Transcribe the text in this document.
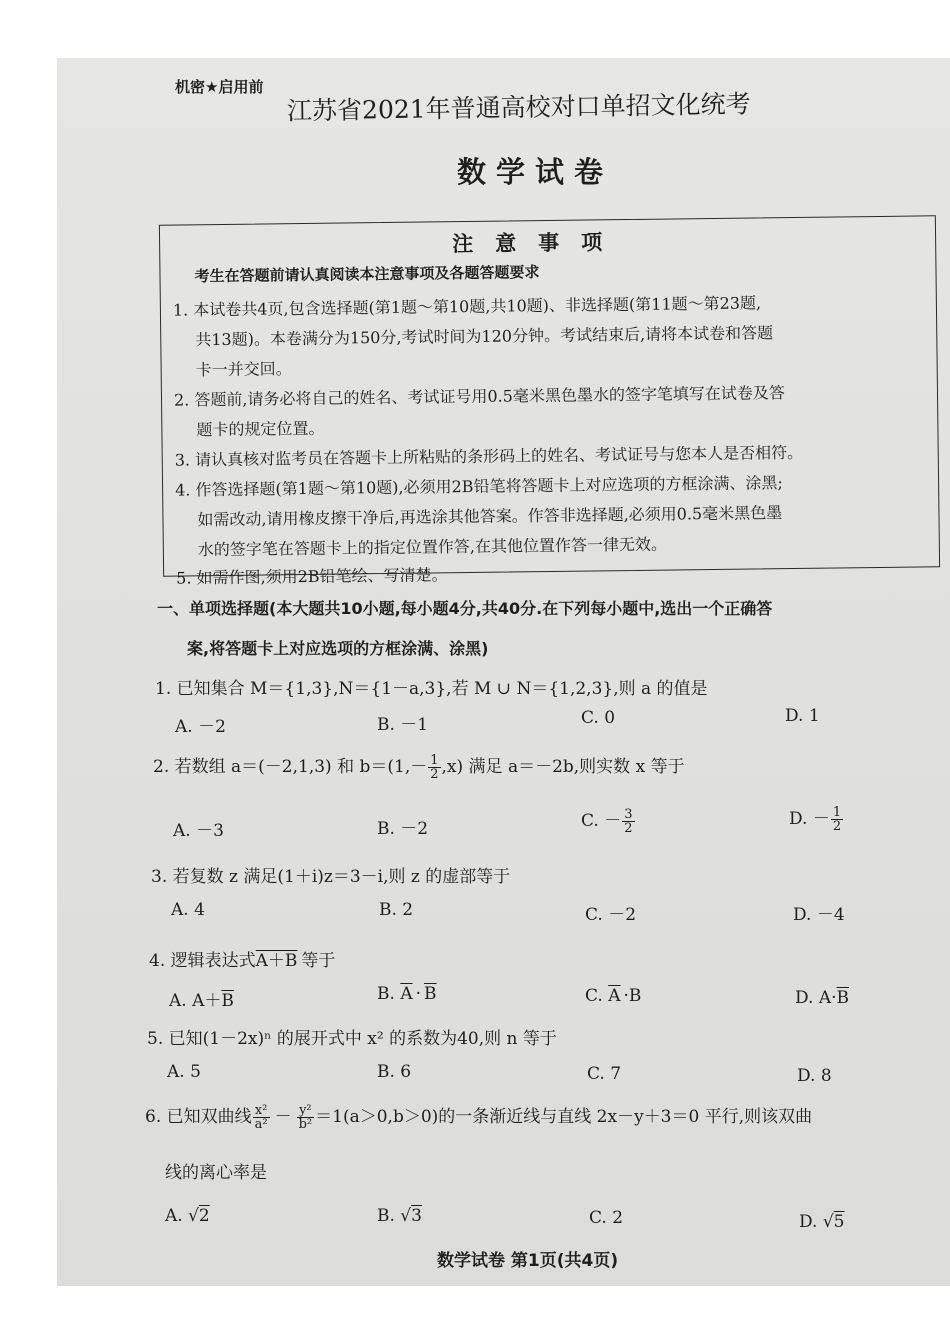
机密★启用前
江苏省2021年普通高校对口单招文化统考
数学试卷
注意事项
考生在答题前请认真阅读本注意事项及各题答题要求
1. 本试卷共4页,包含选择题(第1题～第10题,共10题)、非选择题(第11题～第23题,
共13题)。本卷满分为150分,考试时间为120分钟。考试结束后,请将本试卷和答题
卡一并交回。
2. 答题前,请务必将自己的姓名、考试证号用0.5毫米黑色墨水的签字笔填写在试卷及答
题卡的规定位置。
3. 请认真核对监考员在答题卡上所粘贴的条形码上的姓名、考试证号与您本人是否相符。
4. 作答选择题(第1题～第10题),必须用2B铅笔将答题卡上对应选项的方框涂满、涂黑;
如需改动,请用橡皮擦干净后,再选涂其他答案。作答非选择题,必须用0.5毫米黑色墨
水的签字笔在答题卡上的指定位置作答,在其他位置作答一律无效。
5. 如需作图,须用2B铅笔绘、写清楚。
一、单项选择题(本大题共10小题,每小题4分,共40分.在下列每小题中,选出一个正确答
案,将答题卡上对应选项的方框涂满、涂黑)
1. 已知集合 M＝{1,3},N＝{1－a,3},若 M ∪ N＝{1,2,3},则 a 的值是
A. －2	B. －1	C. 0	D. 1
2. 若数组 a＝(－2,1,3) 和 $b=(1,- \frac{1}{2} ,x)$ 满足 a＝－2b,则实数 x 等于
A. －3	B. －2	C. － $\frac{3}{2}$	D. － $\frac{1}{2}$
3. 若复数 z 满足(1＋i)z＝3－i,则 z 的虚部等于
A. 4	B. 2	C. －2	D. －4
4. 逻辑表达式A＋B 等于
A. $A+\overline{B}$	B. $\overline{A} \cdot \overline{B}$	C. $\overline{A} \cdot B$	D. $A\cdot\overline{B}$
5. 已知(1－2x)ⁿ 的展开式中 x² 的系数为40,则 n 等于
A. 5	B. 6	C. 7	D. 8
6. 已知双曲线 $\frac{\text{x²}}{\text{a²}} - \frac{\text{y²}}{\text{b²}} =1(a>0,b>0)$的一条渐近线与直线 2x－y＋3＝0 平行,则该双曲
线的离心率是
A. √2	B. √3	C. 2	D. √5
数学试卷 第1页(共4页)
